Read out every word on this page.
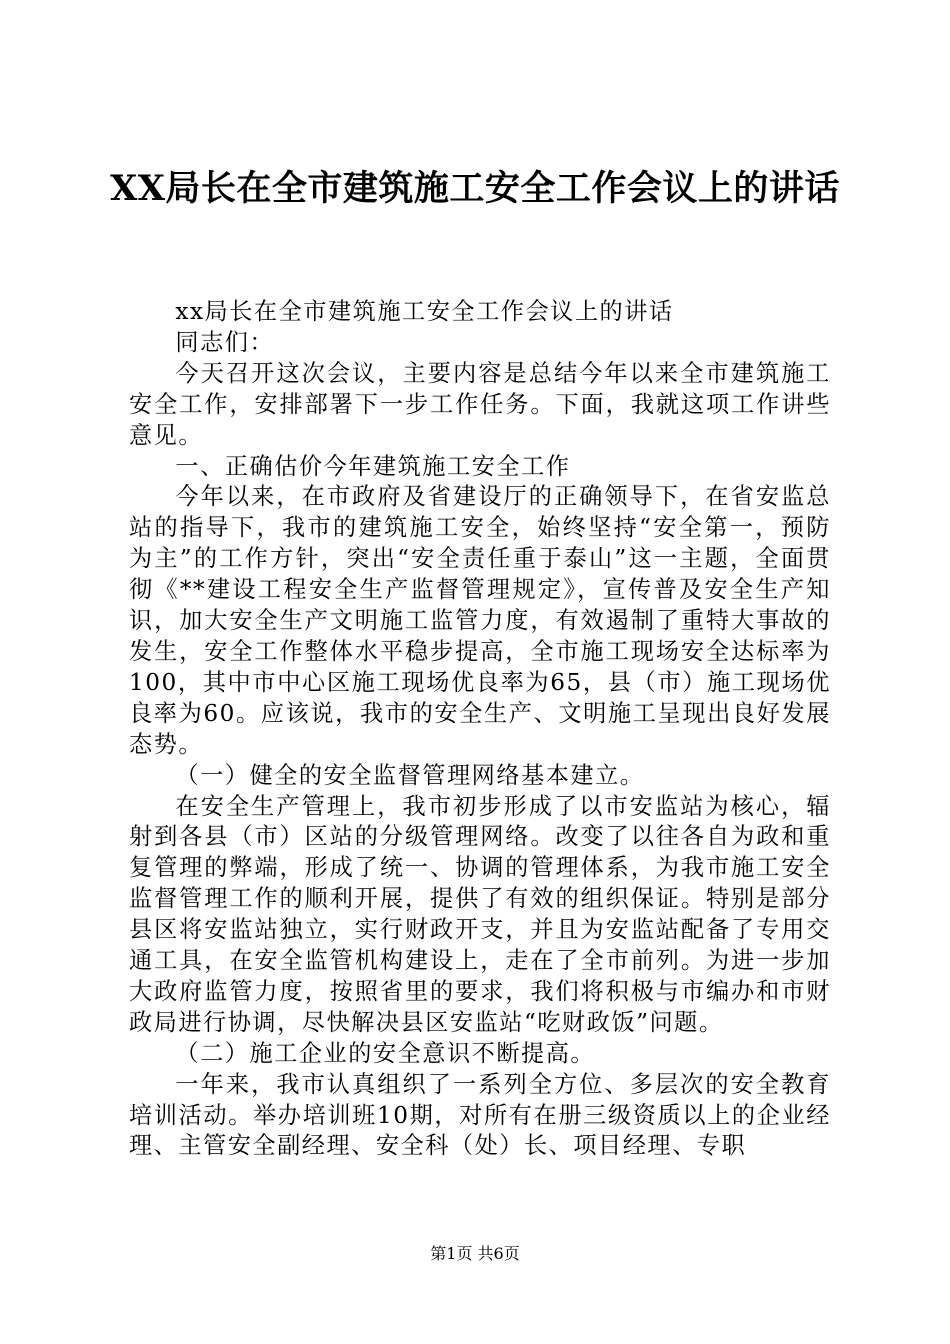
XX局长在全市建筑施工安全工作会议上的讲话

xx局长在全市建筑施工安全工作会议上的讲话

同志们：

今天召开这次会议，主要内容是总结今年以来全市建筑施工安全工作，安排部署下一步工作任务。下面，我就这项工作讲些意见。

一、正确估价今年建筑施工安全工作

今年以来，在市政府及省建设厅的正确领导下，在省安监总站的指导下，我市的建筑施工安全，始终坚持“安全第一，预防为主”的工作方针，突出“安全责任重于泰山”这一主题，全面贯彻《**建设工程安全生产监督管理规定》，宣传普及安全生产知识，加大安全生产文明施工监管力度，有效遏制了重特大事故的发生，安全工作整体水平稳步提高，全市施工现场安全达标率为100，其中市中心区施工现场优良率为65，县（市）施工现场优良率为60。应该说，我市的安全生产、文明施工呈现出良好发展态势。

（一）健全的安全监督管理网络基本建立。

在安全生产管理上，我市初步形成了以市安监站为核心，辐射到各县（市）区站的分级管理网络。改变了以往各自为政和重复管理的弊端，形成了统一、协调的管理体系，为我市施工安全监督管理工作的顺利开展，提供了有效的组织保证。特别是部分县区将安监站独立，实行财政开支，并且为安监站配备了专用交通工具，在安全监管机构建设上，走在了全市前列。为进一步加大政府监管力度，按照省里的要求，我们将积极与市编办和市财政局进行协调，尽快解决县区安监站“吃财政饭”问题。

（二）施工企业的安全意识不断提高。

一年来，我市认真组织了一系列全方位、多层次的安全教育培训活动。举办培训班10期，对所有在册三级资质以上的企业经理、主管安全副经理、安全科（处）长、项目经理、专职

第1页 共6页
